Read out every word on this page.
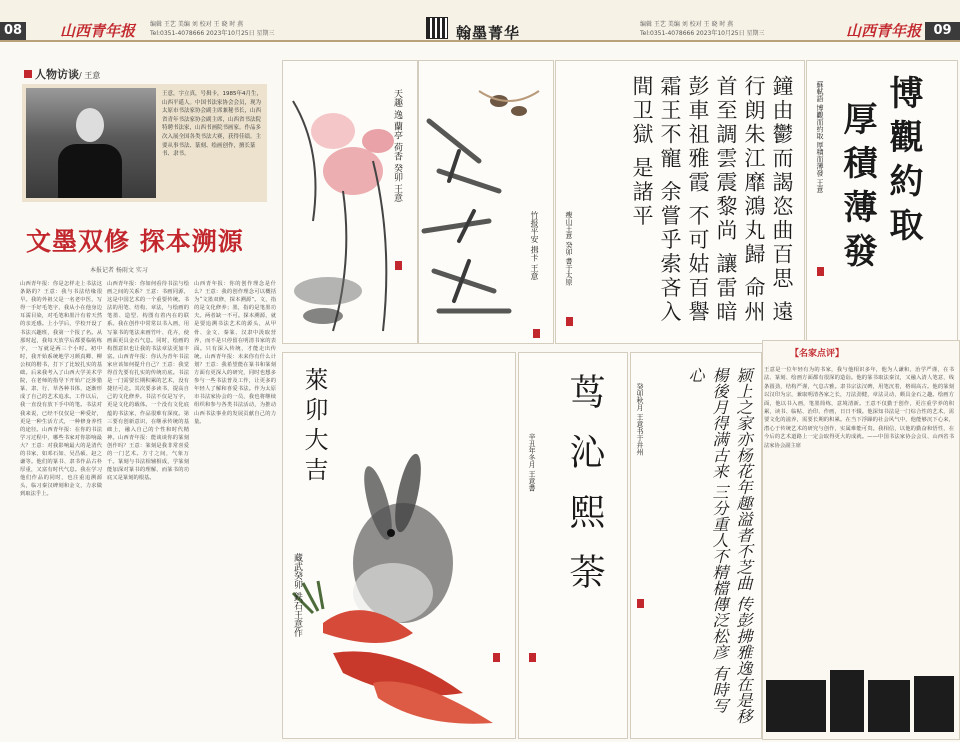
08	山西青年报 编辑 王艺 美编 刘 校对 王 晓 时 燕
Tel:0351-4078666 2023年10月25日 星期三	翰墨菁华	编辑 王艺 美编 刘 校对 王 晓 时 燕
Tel:0351-4078666 2023年10月25日 星期三	山西青年报 09
人物访谈/ 王意
王意，字立真，号揖卡，1985年4月生，山西平遥人。中国书法家协会会员，现为太原市书法家协会副主席兼秘书长，山西省青年书法家协会副主席，山西省书法院特聘书法家，山西书画院书画家。作品多次入展全国各类书法大赛，获得佳绩。主要从事书法、篆刻、绘画创作，擅长篆书、隶书。
文墨双修 探本溯源
本报记者 杨雨文 实习
山西青年报：你是怎样走上书法这条路的？王意：我与书法结缘很早。我的外祖父是一名老中医，写得一手好毛笔字，我从小在他身边耳濡目染，对毛笔和墨汁有着天然的亲近感。上小学后，学校开设了书法兴趣班，我第一个报了名。从那时起，我每天放学后都要临帖练字，一写就是两三个小时。初中时，我开始系统地学习颜真卿、柳公权的楷书，打下了比较扎实的基础。后来我考入了山西大学美术学院，在老师的指导下开始广泛涉猎篆、隶、行、草各种书体，逐渐形成了自己的艺术追求。工作以后，我一直没有放下手中的笔。书法对我来说，已经不仅仅是一种爱好，更是一种生活方式，一种修身养性的途径。山西青年报：在你的书法学习过程中，哪些书家对你影响最大？王意：对我影响最大的是清代的书家，如邓石如、吴昌硕、赵之谦等。他们的篆书、隶书作品古朴厚重，又富有时代气息。我在学习他们作品的同时，也注重追溯源头，临习秦汉碑刻和金文，力求做到取法乎上。
山西青年报：你如何看待书法与绘画之间的关系？王意：书画同源，这是中国艺术的一个重要传统。书法的用笔、结构、章法，与绘画的笔墨、造型、构图有着内在的联系。我在创作中常常以书入画，用写篆书的笔法来画竹叶、花卉，使画面更具金石气息。同时，绘画的构图意识也让我的书法章法更加丰富。山西青年报：你认为青年书法家应该如何提升自己？王意：我觉得首先要有扎实的传统功底。书法是一门需要长期积累的艺术，没有捷径可走。其次要多读书，提高自己的文化修养。书法不仅是写字，更是文化的载体。一个没有文化底蕴的书法家，作品很难有深度。第三要有创新意识，在继承传统的基础上，融入自己的个性和时代精神。山西青年报：能谈谈你的篆刻创作吗？王意：篆刻是我非常喜爱的一门艺术。方寸之间，气象万千。篆刻与书法相辅相成，学篆刻能加深对篆书的理解，而篆书的功底又是篆刻的根基。
山西青年报：你的创作理念是什么？王意：我的创作理念可以概括为“文墨双修，探本溯源”。文，指的是文化修养；墨，指的是笔墨功夫。两者缺一不可。探本溯源，就是要追溯书法艺术的源头，从甲骨、金文、秦篆、汉隶中汲取营养，而不是只停留在明清书家的表面。只有深入传统，才能走出传统。山西青年报：未来你有什么计划？王意：我希望能在篆书和篆刻方面有更深入的研究，同时也想多参与一些书法普及工作，让更多的年轻人了解和喜爱书法。作为太原市书法家协会的一员，我也将继续组织和参与各类书法活动，为推动山西书法事业的发展贡献自己的力量。
天趣 逸 蘭亭 荷香 癸卯 王意
竹报平安 揖卡 王意	鐘由鬱而謁恣曲百思 遠行朗朱江靡鴻丸歸 命州首至調雲震黎尚 讓雷暗彭車祖雅霞 不可姑百譽霜王不寵 余嘗乎索吝入間卫獄 是諸平
瘦山王意 癸卯 書于太原	博觀約取
厚積薄發
蘇軾語 博觀而約取 厚積而薄發 王意
萊卯大吉
藏武癸卯 鉄石王意作	茑沁熙荼
辛丑年冬月 王意書	颍上之家亦杨花年趣溢者不芝曲 传彭拂雅逸在是移楊後月得满古来 三分重人不精檔傳泛松彦 有時写心
癸卯秋月 王意书于并州
【名家点评】
王意是一位年轻有为的书家，我与他相识多年，他为人谦和，治学严谨，在书法、篆刻、绘画方面都有很深的造诣。他的篆书取法秦汉，又融入清人笔意，线条圆劲，结构严谨，气息古雅。隶书宗法汉碑，用笔沉着，格调高古。他的篆刻以汉印为宗，兼取明清各家之长，刀法劲健，章法灵动，颇具金石之趣。绘画方面，他以书入画，笔墨简练，意境清新。王意不仅勤于创作，更注重学养的积累，读书、临帖、治印、作画，日日不辍。他深知书法是一门综合性的艺术，需要文化的滋养，需要长期的积累。在当下浮躁的社会风气中，他能够沉下心来，潜心于传统艺术的研究与创作，实属难能可贵。我相信，以他的勤奋和悟性，在今后的艺术道路上一定会取得更大的成就。——中国书法家协会会员、山西省书法家协会副主席
